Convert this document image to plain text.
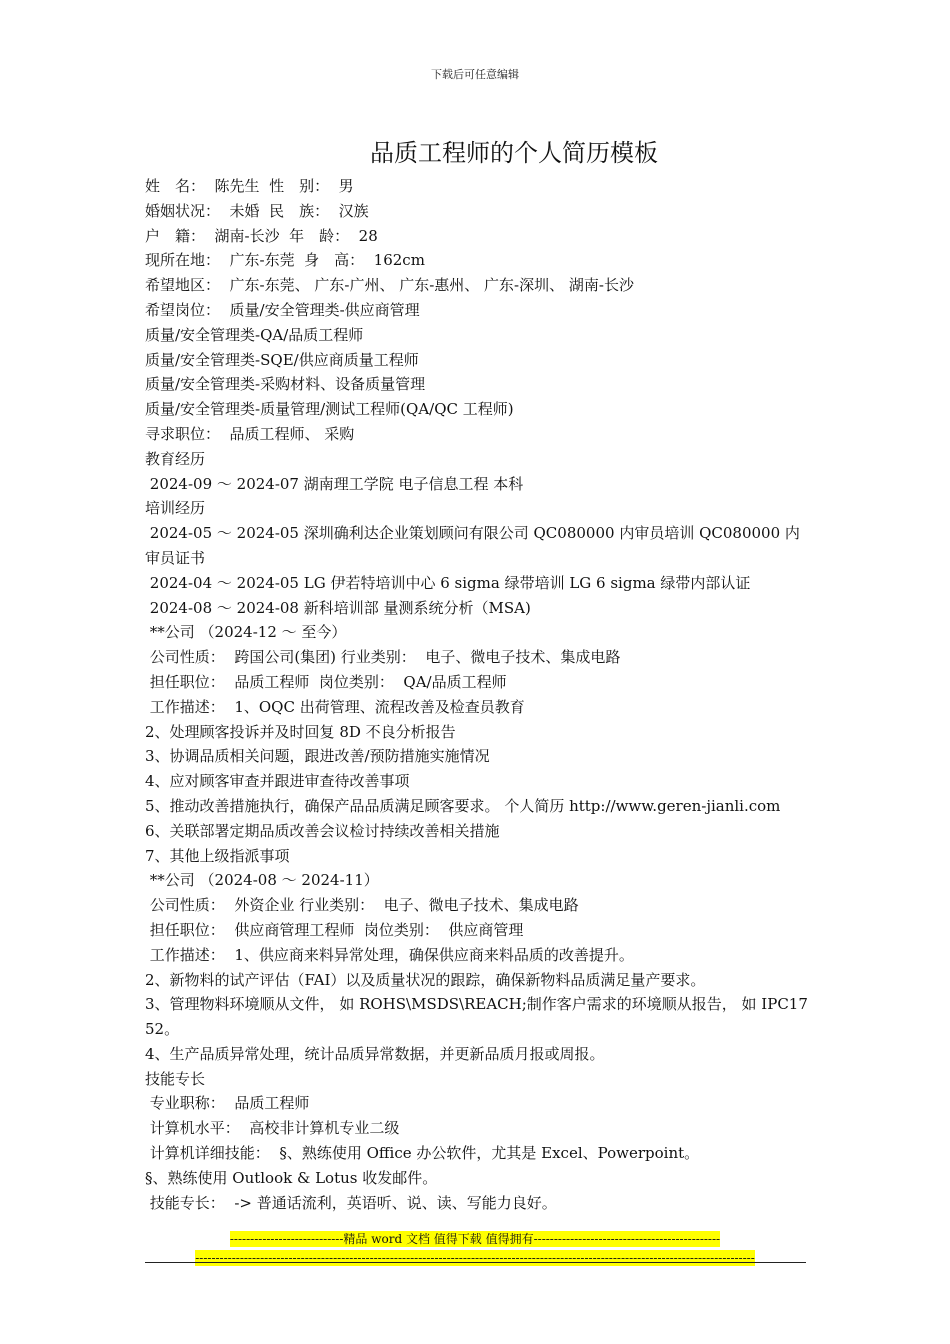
下载后可任意编辑
品质工程师的个人简历模板
姓　名：  陈先生  性　别：  男
婚姻状况：  未婚  民　族：  汉族
户　籍：  湖南-长沙  年　龄：  28
现所在地：  广东-东莞  身　高：  162cm
希望地区：  广东-东莞、 广东-广州、 广东-惠州、 广东-深圳、 湖南-长沙
希望岗位：  质量/安全管理类-供应商管理
质量/安全管理类-QA/品质工程师
质量/安全管理类-SQE/供应商质量工程师
质量/安全管理类-采购材料、设备质量管理
质量/安全管理类-质量管理/测试工程师(QA/QC 工程师)
寻求职位：  品质工程师、 采购
教育经历
2024-09 ～ 2024-07 湖南理工学院 电子信息工程 本科
培训经历
2024-05 ～ 2024-05 深圳确利达企业策划顾问有限公司 QC080000 内审员培训 QC080000 内审员证书
2024-04 ～ 2024-05 LG 伊若特培训中心 6 sigma 绿带培训 LG 6 sigma 绿带内部认证
2024-08 ～ 2024-08 新科培训部 量测系统分析（MSA)
**公司 （2024-12 ～ 至今）
公司性质：  跨国公司(集团) 行业类别：  电子、微电子技术、集成电路
担任职位：  品质工程师  岗位类别：  QA/品质工程师
工作描述：  1、OQC 出荷管理、流程改善及检查员教育
2、处理顾客投诉并及时回复 8D 不良分析报告
3、协调品质相关问题，跟进改善/预防措施实施情况
4、应对顾客审查并跟进审查待改善事项
5、推动改善措施执行，确保产品品质满足顾客要求。 个人简历 http://www.geren-jianli.com
6、关联部署定期品质改善会议检讨持续改善相关措施
7、其他上级指派事项
**公司 （2024-08 ～ 2024-11）
公司性质：  外资企业 行业类别：  电子、微电子技术、集成电路
担任职位：  供应商管理工程师  岗位类别：  供应商管理
工作描述：  1、供应商来料异常处理，确保供应商来料品质的改善提升。
2、新物料的试产评估（FAI）以及质量状况的跟踪，确保新物料品质满足量产要求。
3、管理物料环境顺从文件， 如 ROHS\MSDS\REACH;制作客户需求的环境顺从报告， 如 IPC1752。
4、生产品质异常处理，统计品质异常数据，并更新品质月报或周报。
技能专长
专业职称：  品质工程师
计算机水平：  高校非计算机专业二级
计算机详细技能：  §、熟练使用 Office 办公软件，尤其是 Excel、Powerpoint。
§、熟练使用 Outlook & Lotus 收发邮件。
技能专长：  -> 普通话流利，英语听、说、读、写能力良好。
----------------------------精品 word 文档 值得下载 值得拥有----------------------------------------------
------------------------------------------------------------------------------------------------------------------------------------------
